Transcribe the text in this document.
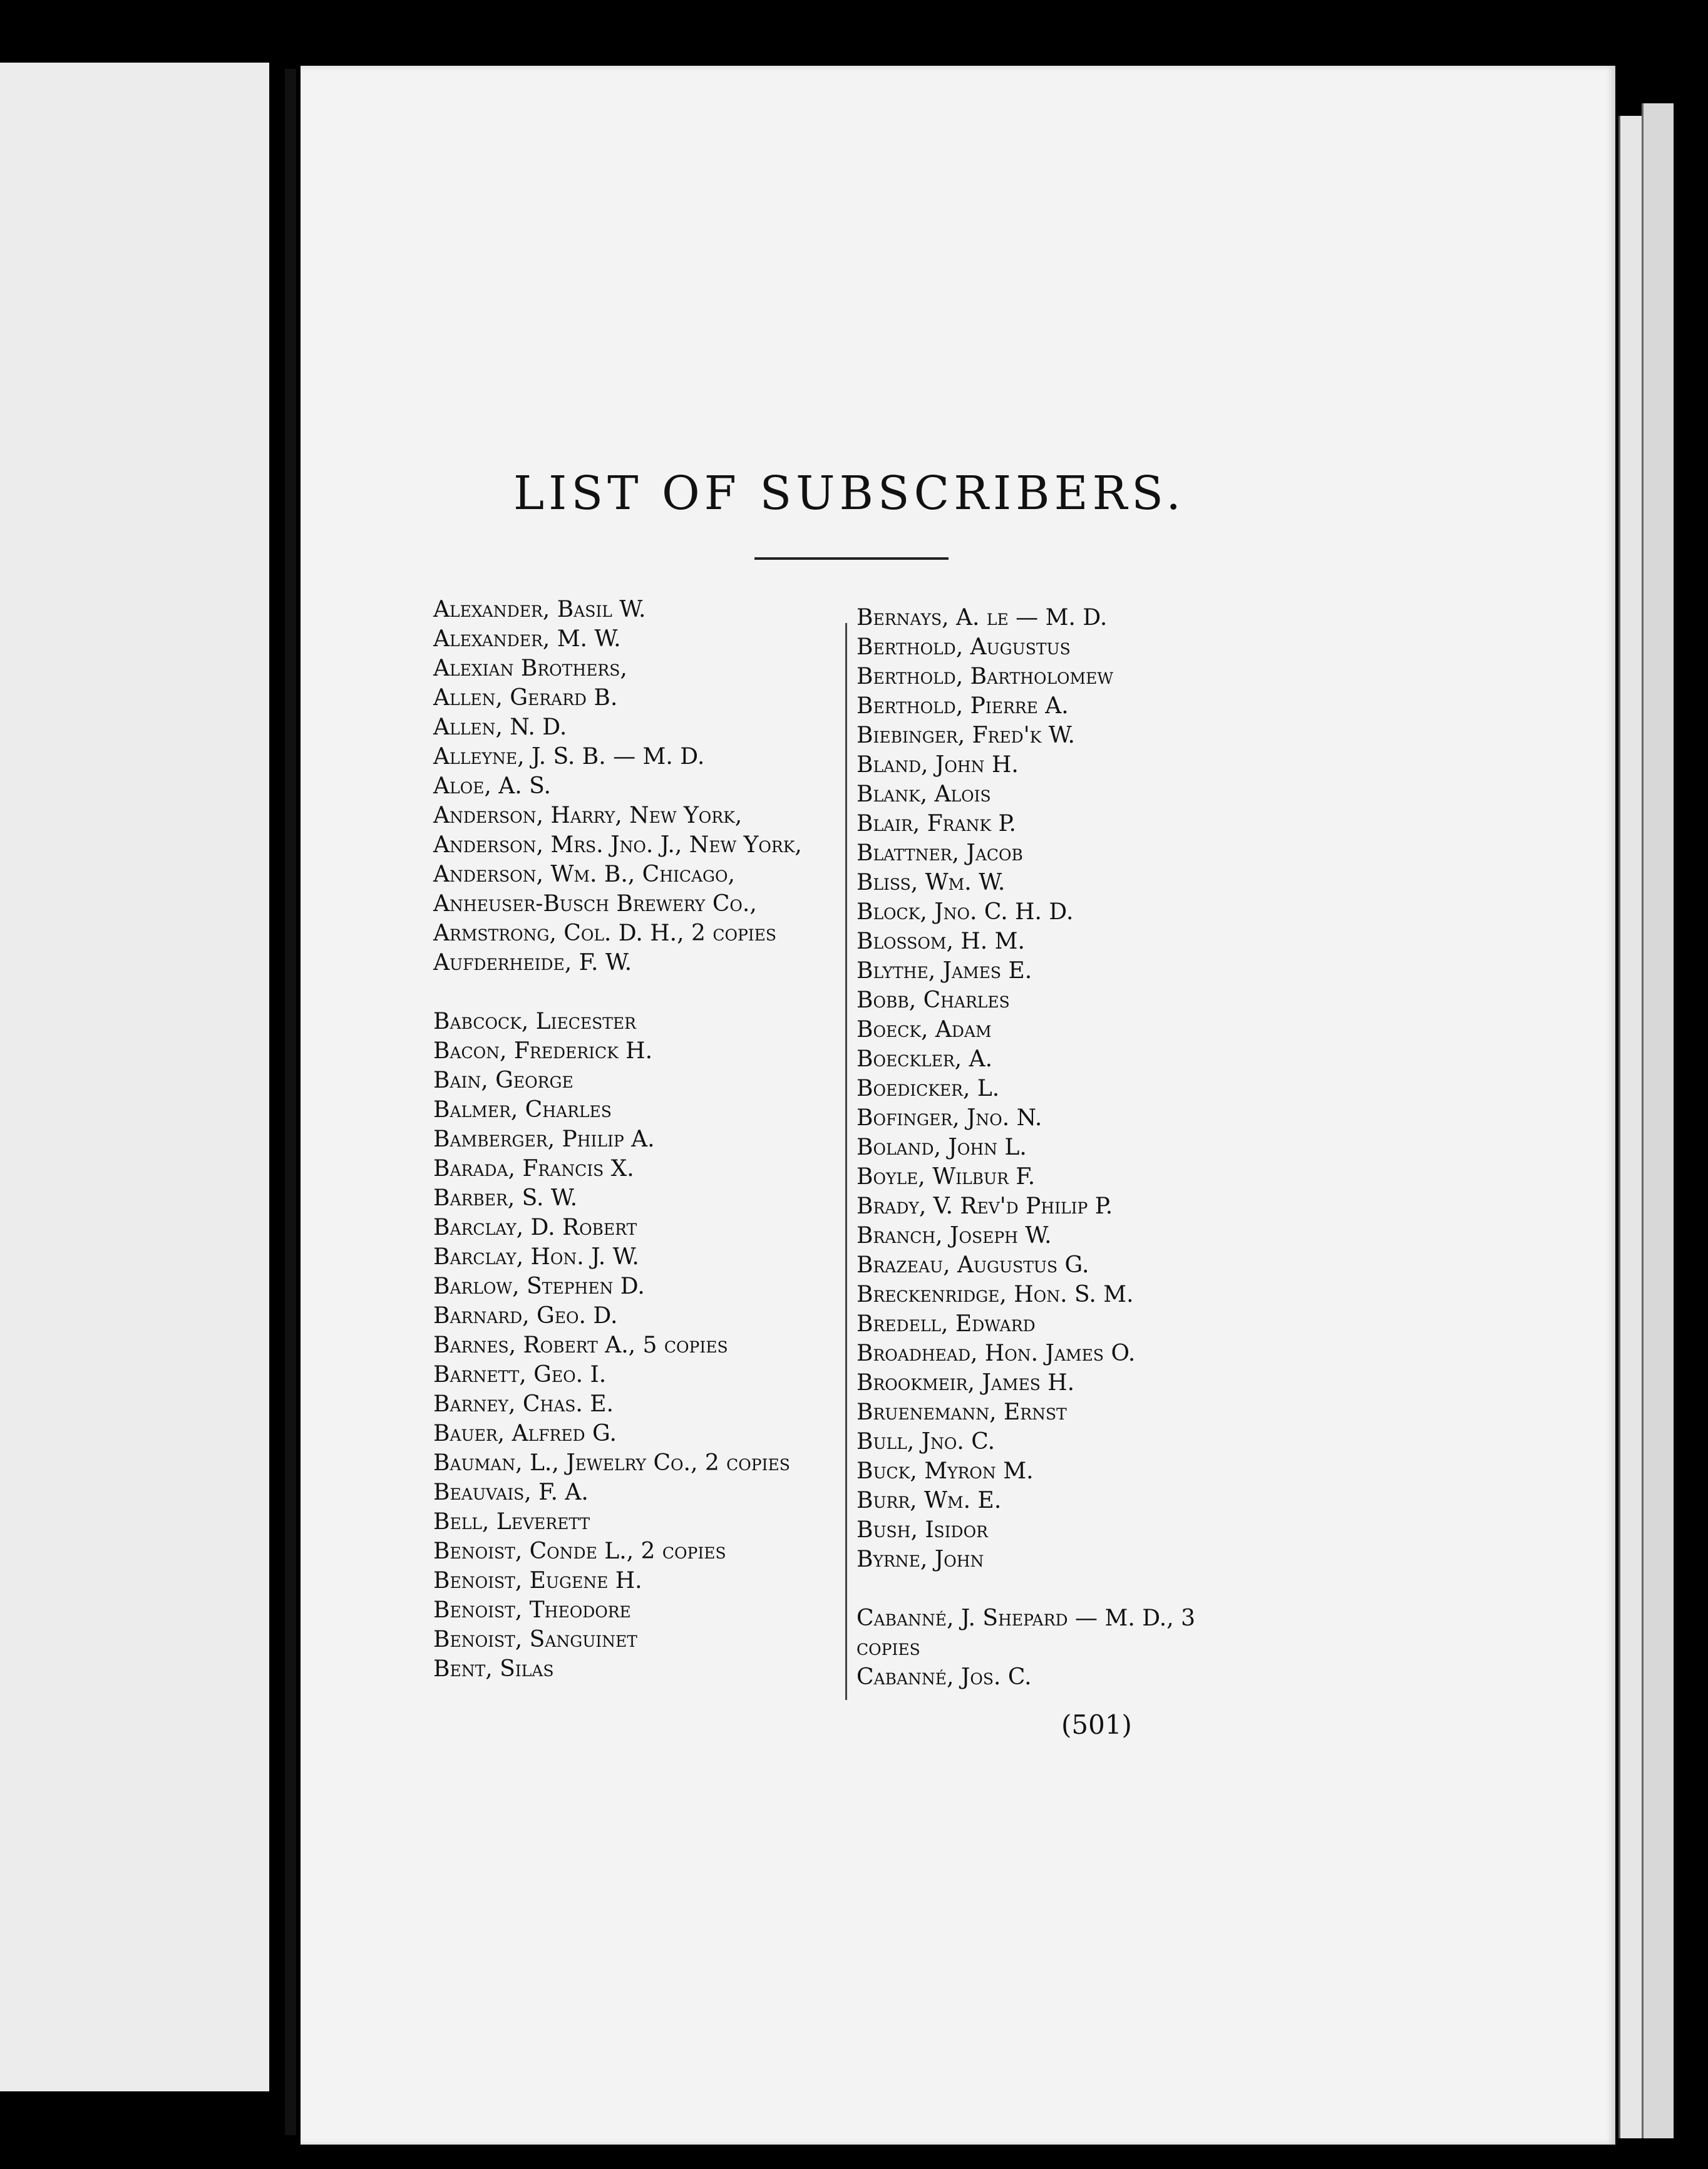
LIST OF SUBSCRIBERS.
Alexander, Basil W.
Alexander, M. W.
Alexian Brothers,
Allen, Gerard B.
Allen, N. D.
Alleyne, J. S. B. — M. D.
Aloe, A. S.
Anderson, Harry, New York,
Anderson, Mrs. Jno. J., New York,
Anderson, Wm. B., Chicago,
Anheuser-Busch Brewery Co.,
Armstrong, Col. D. H., 2 copies
Aufderheide, F. W.
Babcock, Liecester
Bacon, Frederick H.
Bain, George
Balmer, Charles
Bamberger, Philip A.
Barada, Francis X.
Barber, S. W.
Barclay, D. Robert
Barclay, Hon. J. W.
Barlow, Stephen D.
Barnard, Geo. D.
Barnes, Robert A., 5 copies
Barnett, Geo. I.
Barney, Chas. E.
Bauer, Alfred G.
Bauman, L., Jewelry Co., 2 copies
Beauvais, F. A.
Bell, Leverett
Benoist, Conde L., 2 copies
Benoist, Eugene H.
Benoist, Theodore
Benoist, Sanguinet
Bent, Silas
Bernays, A. le — M. D.
Berthold, Augustus
Berthold, Bartholomew
Berthold, Pierre A.
Biebinger, Fred'k W.
Bland, John H.
Blank, Alois
Blair, Frank P.
Blattner, Jacob
Bliss, Wm. W.
Block, Jno. C. H. D.
Blossom, H. M.
Blythe, James E.
Bobb, Charles
Boeck, Adam
Boeckler, A.
Boedicker, L.
Bofinger, Jno. N.
Boland, John L.
Boyle, Wilbur F.
Brady, V. Rev'd Philip P.
Branch, Joseph W.
Brazeau, Augustus G.
Breckenridge, Hon. S. M.
Bredell, Edward
Broadhead, Hon. James O.
Brookmeir, James H.
Bruenemann, Ernst
Bull, Jno. C.
Buck, Myron M.
Burr, Wm. E.
Bush, Isidor
Byrne, John
Cabanné, J. Shepard — M. D., 3 copies
Cabanné, Jos. C.
(501)
